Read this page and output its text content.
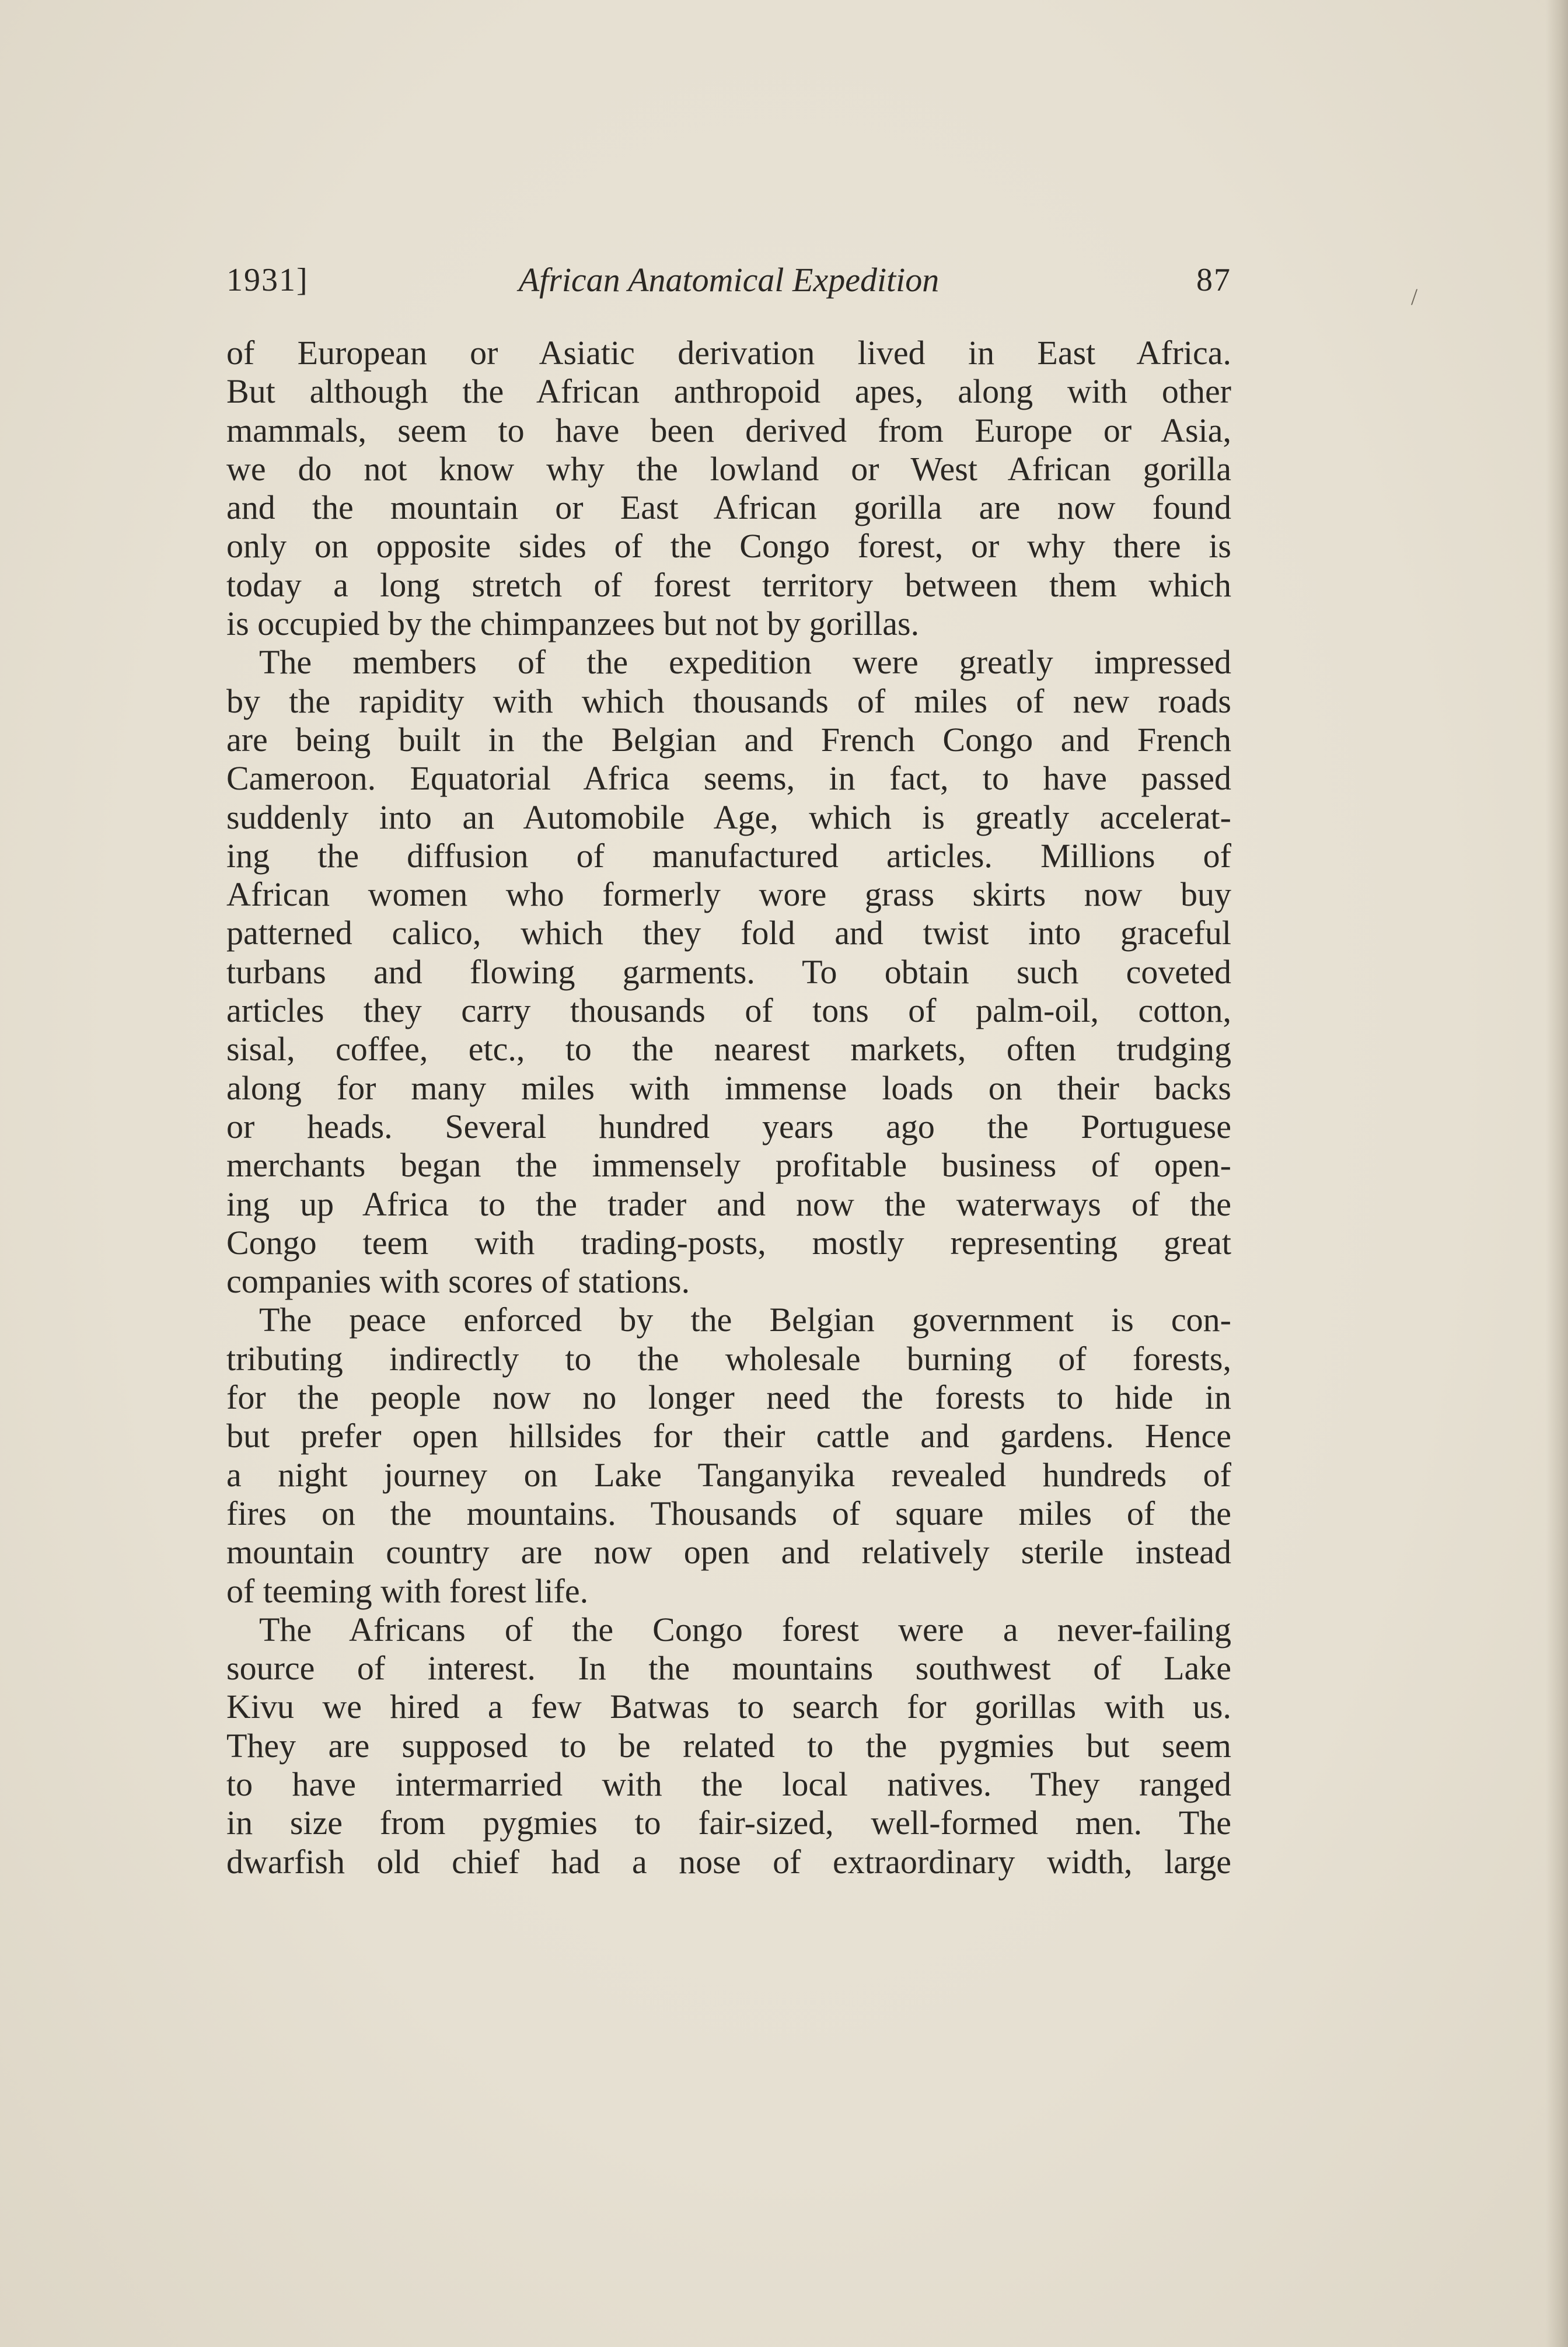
1931]	African Anatomical Expedition	87	/
of European or Asiatic derivation lived in East Africa.
But although the African anthropoid apes, along with other
mammals, seem to have been derived from Europe or Asia,
we do not know why the lowland or West African gorilla
and the mountain or East African gorilla are now found
only on opposite sides of the Congo forest, or why there is
today a long stretch of forest territory between them which
is occupied by the chimpanzees but not by gorillas.
The members of the expedition were greatly impressed
by the rapidity with which thousands of miles of new roads
are being built in the Belgian and French Congo and French
Cameroon. Equatorial Africa seems, in fact, to have passed
suddenly into an Automobile Age, which is greatly accelerat-
ing the diffusion of manufactured articles. Millions of
African women who formerly wore grass skirts now buy
patterned calico, which they fold and twist into graceful
turbans and flowing garments. To obtain such coveted
articles they carry thousands of tons of palm-oil, cotton,
sisal, coffee, etc., to the nearest markets, often trudging
along for many miles with immense loads on their backs
or heads. Several hundred years ago the Portuguese
merchants began the immensely profitable business of open-
ing up Africa to the trader and now the waterways of the
Congo teem with trading-posts, mostly representing great
companies with scores of stations.
The peace enforced by the Belgian government is con-
tributing indirectly to the wholesale burning of forests,
for the people now no longer need the forests to hide in
but prefer open hillsides for their cattle and gardens. Hence
a night journey on Lake Tanganyika revealed hundreds of
fires on the mountains. Thousands of square miles of the
mountain country are now open and relatively sterile instead
of teeming with forest life.
The Africans of the Congo forest were a never-failing
source of interest. In the mountains southwest of Lake
Kivu we hired a few Batwas to search for gorillas with us.
They are supposed to be related to the pygmies but seem
to have intermarried with the local natives. They ranged
in size from pygmies to fair-sized, well-formed men. The
dwarfish old chief had a nose of extraordinary width, large
